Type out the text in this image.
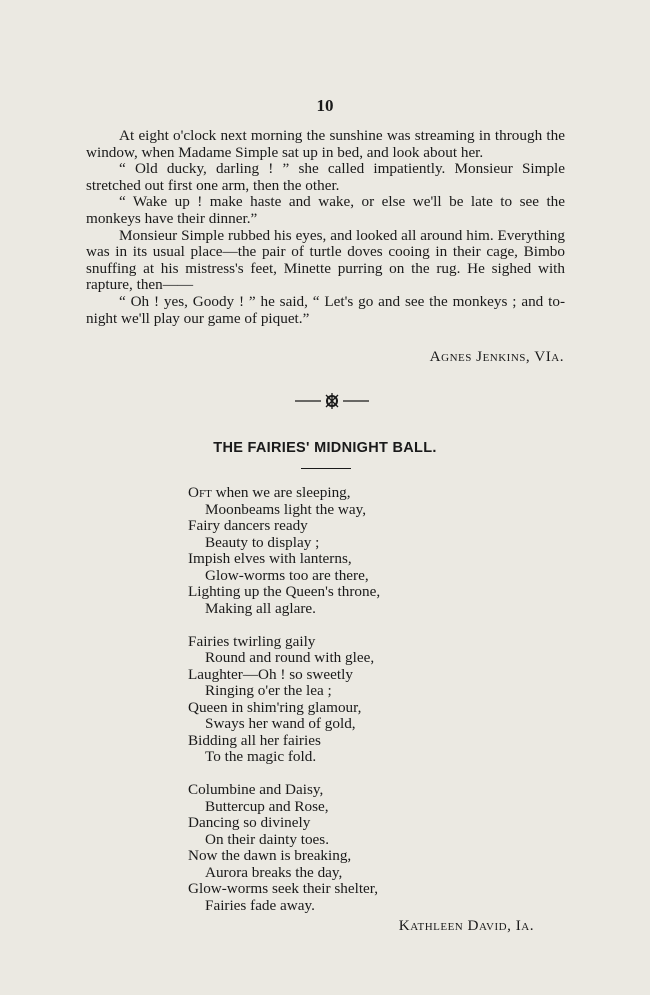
10

At eight o'clock next morning the sunshine was streaming in through the window, when Madame Simple sat up in bed, and look about her.

“ Old ducky, darling ! ” she called impatiently. Monsieur Simple stretched out first one arm, then the other.

“ Wake up ! make haste and wake, or else we'll be late to see the monkeys have their dinner.”

Monsieur Simple rubbed his eyes, and looked all around him. Everything was in its usual place—the pair of turtle doves cooing in their cage, Bimbo snuffing at his mistress's feet, Minette purring on the rug. He sighed with rapture, then——

“ Oh ! yes, Goody ! ” he said, “ Let's go and see the monkeys ; and to-night we'll play our game of piquet.”

Agnes Jenkins, VIa.
THE FAIRIES' MIDNIGHT BALL.
Oft when we are sleeping,
Moonbeams light the way,
Fairy dancers ready
Beauty to display ;
Impish elves with lanterns,
Glow-worms too are there,
Lighting up the Queen's throne,
Making all aglare.
Fairies twirling gaily
Round and round with glee,
Laughter—Oh ! so sweetly
Ringing o'er the lea ;
Queen in shim'ring glamour,
Sways her wand of gold,
Bidding all her fairies
To the magic fold.
Columbine and Daisy,
Buttercup and Rose,
Dancing so divinely
On their dainty toes.
Now the dawn is breaking,
Aurora breaks the day,
Glow-worms seek their shelter,
Fairies fade away.
Kathleen David, Ia.
